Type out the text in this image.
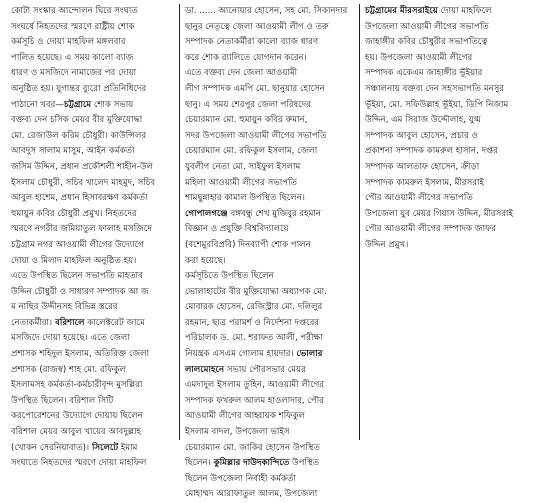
কোটা সংস্কার আন্দোলন ঘিরে সংঘাত
সংঘর্ষে নিহতদের স্মরণে রাষ্ট্রীয় শোক
কর্মসূচি ও দোয়া মাহফিল মঙ্গলবার
পালিত হয়েছে। এ সময় কালো ব্যাজ
ধারণ ও মসজিদে নামাজের পর দোয়া
অনুষ্ঠিত হয়। যুগান্তর ব্যুরো প্রতিনিধিদের
পাঠানো খবর—চট্টগ্রামে শোক সভায়
বক্তব্য দেন চসিক মেয়র বীর মুক্তিযোদ্ধা
মো. রেজাউল করিম চৌধুরী। কাউন্সিলর
আবদুস সালাম মাসুম, আইন কর্মকর্তা
জসিম উদ্দিন, প্রধান প্রকৌশলী শাহীন-উল
ইসলাম চৌধুরী, সচিব খালেদ মাহমুদ, সচিব
আবুল হাশেম, প্রধান হিসাবরক্ষণ কর্মকর্তা
হুমায়ুন কবির চৌধুরী প্রমুখ। নিহতদের
স্মরণে নগরীর জমিয়াতুল ফালাহ মসজিদে
চট্টগ্রাম নগর আওয়ামী লীগের উদ্যোগে
দোয়া ও মিলাদ মাহফিল অনুষ্ঠিত হয়।
এতে উপস্থিত ছিলেন সভাপতি মাহতাব
উদ্দিন চৌধুরী ও সাধারণ সম্পাদক আ জ
ম নাছির উদ্দীনসহ বিভিন্ন স্তরের
নেতাকর্মীরা। বরিশালে কালেক্টরেট জামে
মসজিদে দোয়া হয়েছে। এতে জেলা
প্রশাসক শহিদুল ইসলাম, অতিরিক্ত জেলা
প্রশাসক (রাজস্ব) শাহ মো. রফিকুল
ইসলামসহ কর্মকর্তা-কর্মচারীবৃন্দ মুসল্লিরা
উপস্থিত ছিলেন। বরিশাল সিটি
করপোরেশনের উদ্যোগে দোয়ায় ছিলেন
বরিশাল মেয়র আবুল খায়ের আবদুল্লাহ
(খোকন সেরনিয়াবাত)। সিলেটে ইমাম
সংঘাতে নিহতদের স্মরণে দোয়া মাহফিল
ডা. ...... আনোয়ার হোসেন, সহ মো. সিকানদার
ছানুর নেতৃত্বে জেলা আওয়ামী লীগ ও তরু
সম্পাদক নেতাকর্মীরা কালো ব্যাজ ধারণ
করে শোক র‍্যালিতে যোগদান করেন।
এতে বক্তব্য দেন জেলা আওয়ামী
লীগ সম্পাদক এমপি মো. ছানুয়ার হোসেন
ছানু। এ সময় শেরপুর জেলা পরিষদের
চেয়ারম্যান মো. হুমায়ুন কবির রুমান,
সদর উপজেলা আওয়ামী লীগের সভাপতি
চেয়ারম্যান মো. রফিকুল ইসলাম, জেলা
যুবলীগ নেতা মো. সাইফুল ইসলাম
মহিলা আওয়ামী লীগের সভাপতি
শামছুন্নাহার কামাল উপস্থিত ছিলেন।
গোপালগঞ্জে বঙ্গবন্ধু শেখ মুজিবুর রহমান
বিজ্ঞান ও প্রযুক্তি বিশ্ববিদ্যালয়ে
(বশেমুরবিপ্রবি) দিনব্যাপী শোক পালন
করা হয়েছে।
কর্মসূচিতে উপস্থিত ছিলেন
ভোলাহাটের বীর মুক্তিযোদ্ধা অধ্যাপক মো.
মোবারক হোসেন, রেজিস্ট্রার মো. দলিলুর
রহমান, ছাত্র পরামর্শ ও নির্দেশনা দপ্তরের
পরিচালক ড. মো. শরাফত আলী, পরীক্ষা
নিয়ন্ত্রক এসএম গোলাম হায়দার। ভোলার
লালমোহনে সভায় পৌরসভার মেয়র
এমদাদুল ইসলাম তুহিন, আওয়ামী লীগের
সম্পাদক ফখরুল আলম হাওলাদার, পৌর
আওয়ামী লীগের আহ্বায়ক শফিকুল
ইসলাম বাদল, উপজেলা ভাইস
চেয়ারম্যান মো. জাকির হোসেন উপস্থিত
ছিলেন। কুমিল্লার দাউদকান্দিতে উপস্থিত
ছিলেন উপজেলা নির্বাহী কর্মকর্তা
মোহাম্মদ আরাফাতুল আলম, উপজেলা
চট্টগ্রামের মীরসরাইয়ে দোয়া মাহফিলে
উপজেলা আওয়ামী লীগের সভাপতি
জাহাঙ্গীর কবির চৌধুরীর সভাপতিত্বে
হয়। উপজেলা আওয়ামী লীগের
সম্পাদক একেএম জাহাঙ্গীর ভূঁইয়ার
সঞ্চালনায় বক্তব্য দেন সহসভাপতি মনসুর
ভূঁইয়া, মো. সফিউল্লাহ ভূঁইয়া, ডিপি নিজাম
উদ্দিন, এম সিরাজ উদ্দৌলাহ, যুগ্ম
সম্পাদক আবুল হোসেন, প্রচার ও
প্রকাশনা সম্পাদক কামরুল হাসান, দপ্তর
সম্পাদক আলতাফ হোসেন, ক্রীড়া
সম্পাদক কামরুল ইসলাম, মীরসরাই
পৌর আওয়ামী লীগের সভাপতি
উপজেলা যুব মেয়র গিয়াস উদ্দিন, মীরসরাই
পৌর আওয়ামী লীগের সম্পাদক জাফর
উদ্দিন প্রমুখ।
